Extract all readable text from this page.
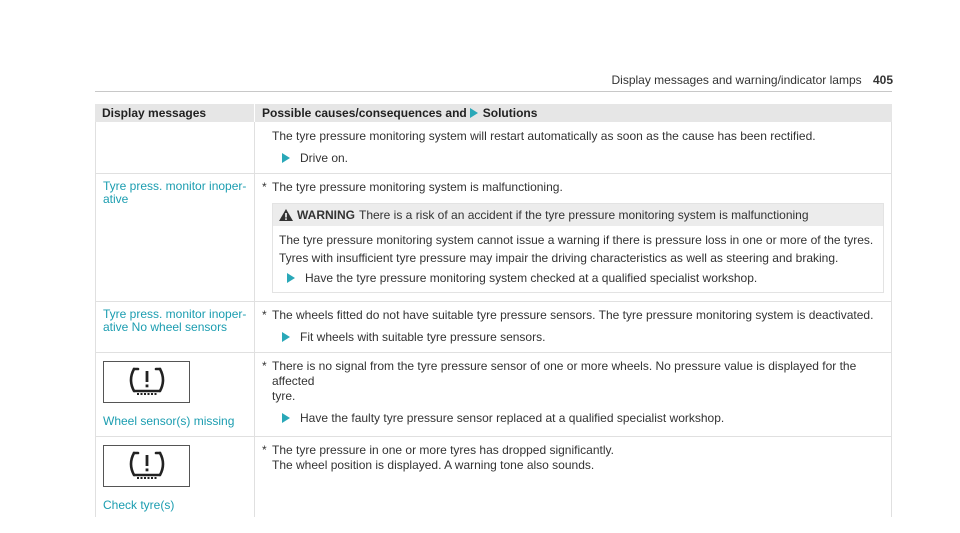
Display messages and warning/indicator lamps 405
Display messages	Possible causes/consequences and Solutions
The tyre pressure monitoring system will restart automatically as soon as the cause has been rectified.
Drive on.
Tyre press. monitor inoper-
ative
* The tyre pressure monitoring system is malfunctioning.
WARNING There is a risk of an accident if the tyre pressure monitoring system is malfunctioning
The tyre pressure monitoring system cannot issue a warning if there is pressure loss in one or more of the tyres.
Tyres with insufficient tyre pressure may impair the driving characteristics as well as steering and braking.
Have the tyre pressure monitoring system checked at a qualified specialist workshop.
Tyre press. monitor inoper-
ative No wheel sensors
* The wheels fitted do not have suitable tyre pressure sensors. The tyre pressure monitoring system is deactivated.
Fit wheels with suitable tyre pressure sensors.
Wheel sensor(s) missing
* There is no signal from the tyre pressure sensor of one or more wheels. No pressure value is displayed for the affected
tyre.
Have the faulty tyre pressure sensor replaced at a qualified specialist workshop.
Check tyre(s)
* The tyre pressure in one or more tyres has dropped significantly.
The wheel position is displayed. A warning tone also sounds.
